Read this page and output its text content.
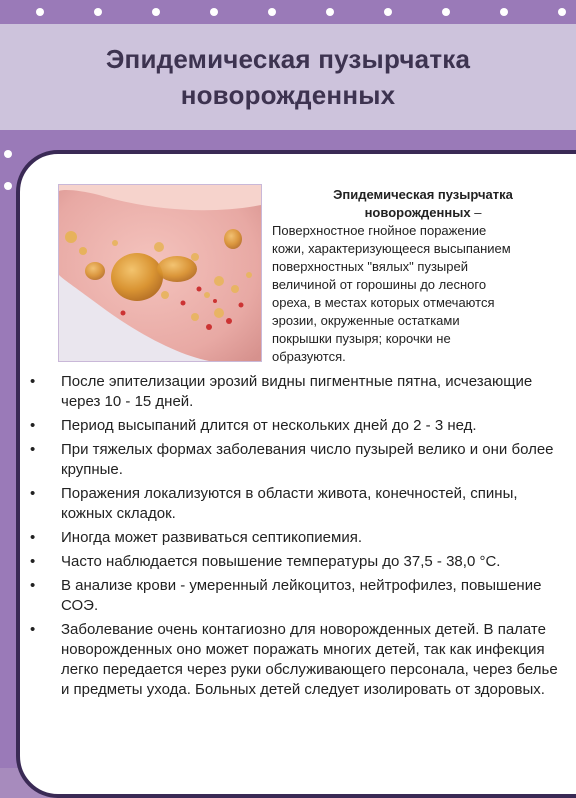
Эпидемическая пузырчатка
новорожденных
Эпидемическая пузырчатка
новорожденных –

Поверхностное гнойное поражение
кожи, характеризующееся высыпанием
поверхностных "вялых" пузырей
величиной от горошины до лесного
ореха, в местах которых отмечаются
эрозии, окруженные остатками
покрышки пузыря; корочки не
образуются.

• После эпителизации эрозий видны пигментные пятна, исчезающие через 10 - 15 дней.
• Период высыпаний длится от нескольких дней до 2 - 3 нед.
• При тяжелых формах заболевания число пузырей велико и они более крупные.
• Поражения локализуются в области живота, конечностей, спины, кожных складок.
• Иногда может развиваться септикопиемия.
• Часто наблюдается повышение температуры до 37,5 - 38,0 °С.
• В анализе крови - умеренный лейкоцитоз, нейтрофилез, повышение СОЭ.
• Заболевание очень контагиозно для новорожденных детей. В палате новорожденных оно может поражать многих детей, так как инфекция легко передается через руки обслуживающего персонала, через белье и предметы ухода. Больных детей следует изолировать от здоровых.
